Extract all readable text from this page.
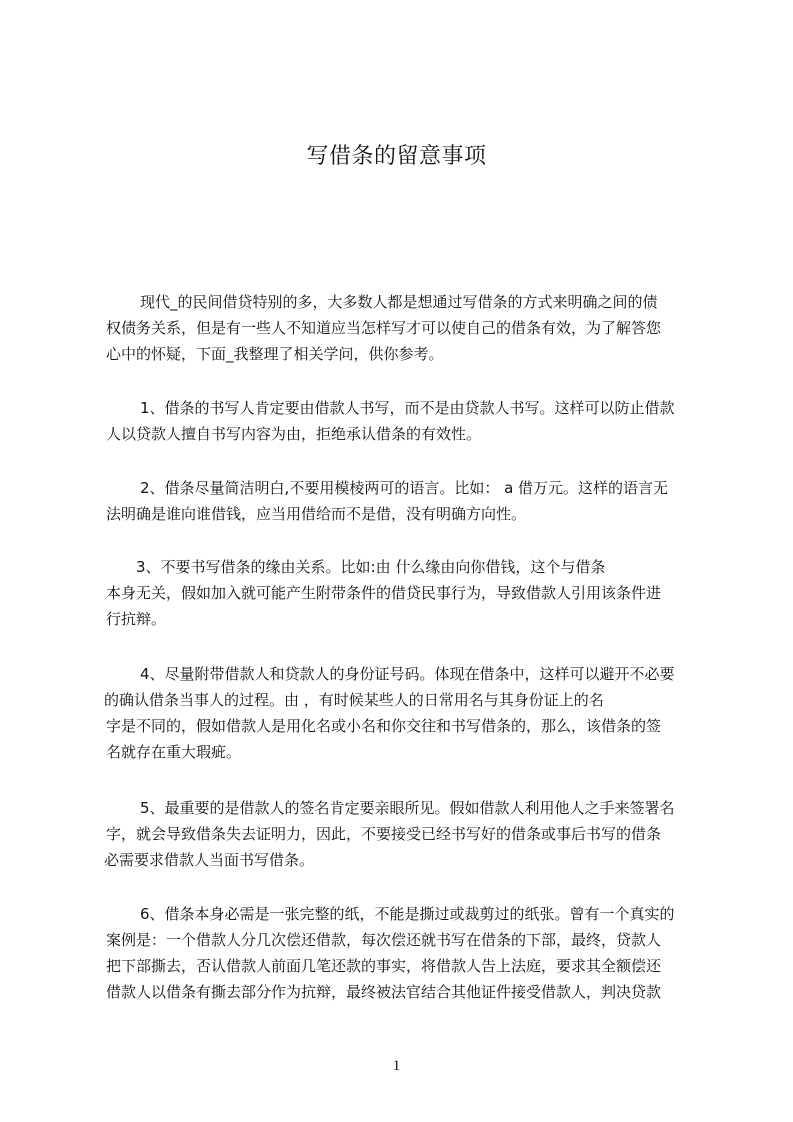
写借条的留意事项
现代_的民间借贷特别的多，大多数人都是想通过写借条的方式来明确之间的债
权债务关系，但是有一些人不知道应当怎样写才可以使自己的借条有效，为了解答您
心中的怀疑，下面_我整理了相关学问，供你参考。
1、借条的书写人肯定要由借款人书写，而不是由贷款人书写。这样可以防止借款
人以贷款人擅自书写内容为由，拒绝承认借条的有效性。
2、借条尽量简洁明白,不要用模棱两可的语言。比如： a 借万元。这样的语言无
法明确是谁向谁借钱，应当用借给而不是借，没有明确方向性。
3、不要书写借条的缘由关系。比如:由 什么缘由向你借钱，这个与借条
本身无关，假如加入就可能产生附带条件的借贷民事行为，导致借款人引用该条件进
行抗辩。
4、尽量附带借款人和贷款人的身份证号码。体现在借条中，这样可以避开不必要
的确认借条当事人的过程。由 ，有时候某些人的日常用名与其身份证上的名
字是不同的，假如借款人是用化名或小名和你交往和书写借条的，那么，该借条的签
名就存在重大瑕疵。
5、最重要的是借款人的签名肯定要亲眼所见。假如借款人利用他人之手来签署名
字，就会导致借条失去证明力，因此，不要接受已经书写好的借条或事后书写的借条
必需要求借款人当面书写借条。
6、借条本身必需是一张完整的纸，不能是撕过或裁剪过的纸张。曾有一个真实的
案例是：一个借款人分几次偿还借款，每次偿还就书写在借条的下部，最终，贷款人
把下部撕去，否认借款人前面几笔还款的事实，将借款人告上法庭，要求其全额偿还
借款人以借条有撕去部分作为抗辩，最终被法官结合其他证件接受借款人，判决贷款
1
